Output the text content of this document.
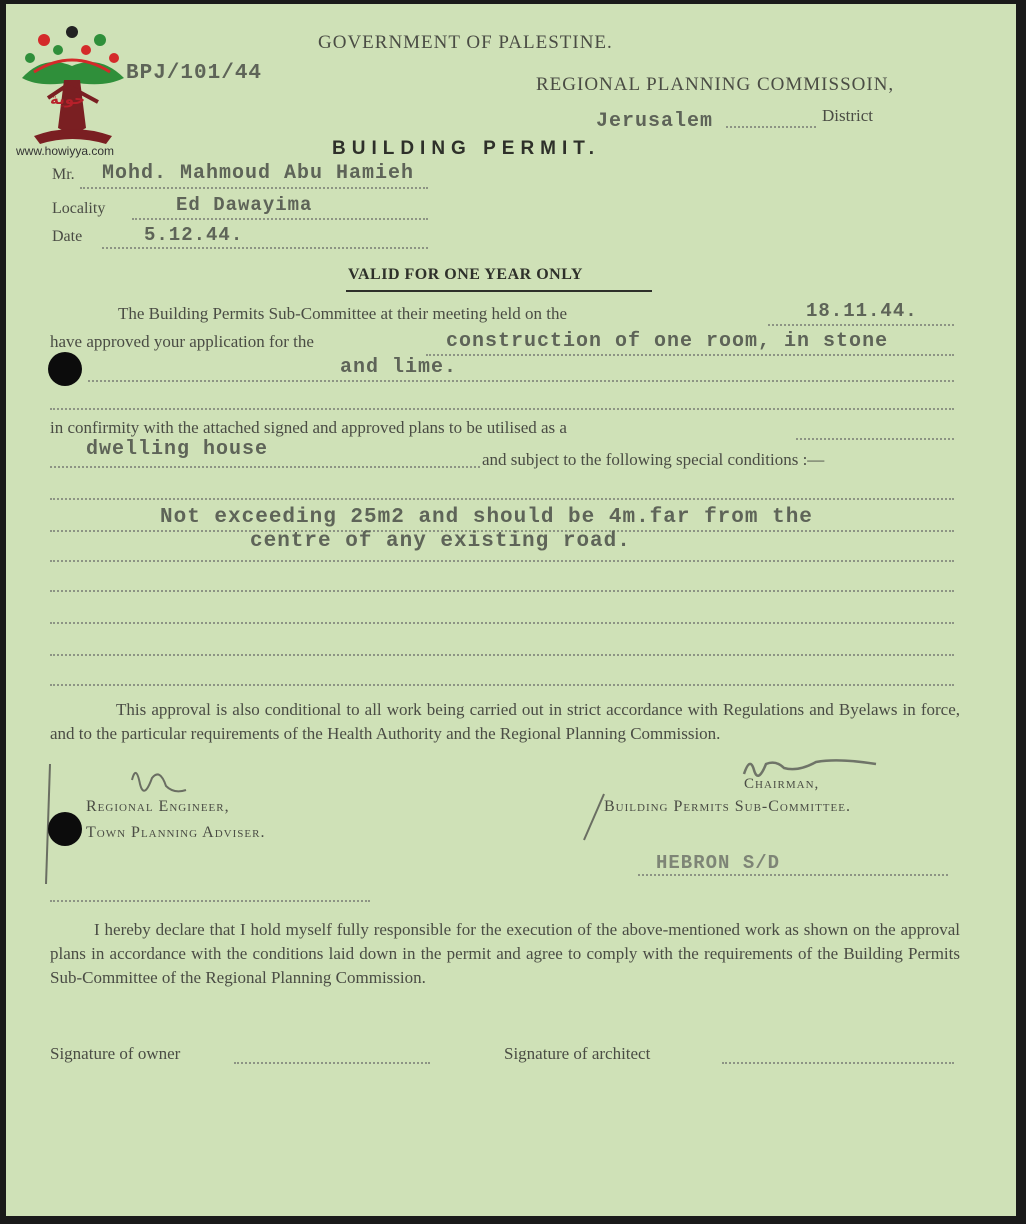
حوية
www.howiyya.com
GOVERNMENT OF PALESTINE.
BPJ/101/44	REGIONAL PLANNING COMMISSOIN,
Jerusalem	District
BUILDING PERMIT.
Mr. Mohd. Mahmoud Abu Hamieh
Locality	Ed Dawayima
Date	5.12.44.
VALID FOR ONE YEAR ONLY
The Building Permits Sub-Committee at their meeting held on the	18.11.44.
have approved your application for the	construction of one room, in stone
and lime.
in confirmity with the attached signed and approved plans to be utilised as a
dwelling house	and subject to the following special conditions :—
Not exceeding 25m2 and should be 4m.far from the
centre of any existing road.
This approval is also conditional to all work being carried out in strict accordance with Regulations and Byelaws in force, and to the particular requirements of the Health Authority and the Regional Planning Commission.
Regional Engineer,
Town Planning Adviser.
Chairman,
Building Permits Sub-Committee.
HEBRON S/D
I hereby declare that I hold myself fully responsible for the execution of the above-mentioned work as shown on the approval plans in accordance with the conditions laid down in the permit and agree to comply with the requirements of the Building Permits Sub-Committee of the Regional Planning Commission.
Signature of owner	Signature of architect
